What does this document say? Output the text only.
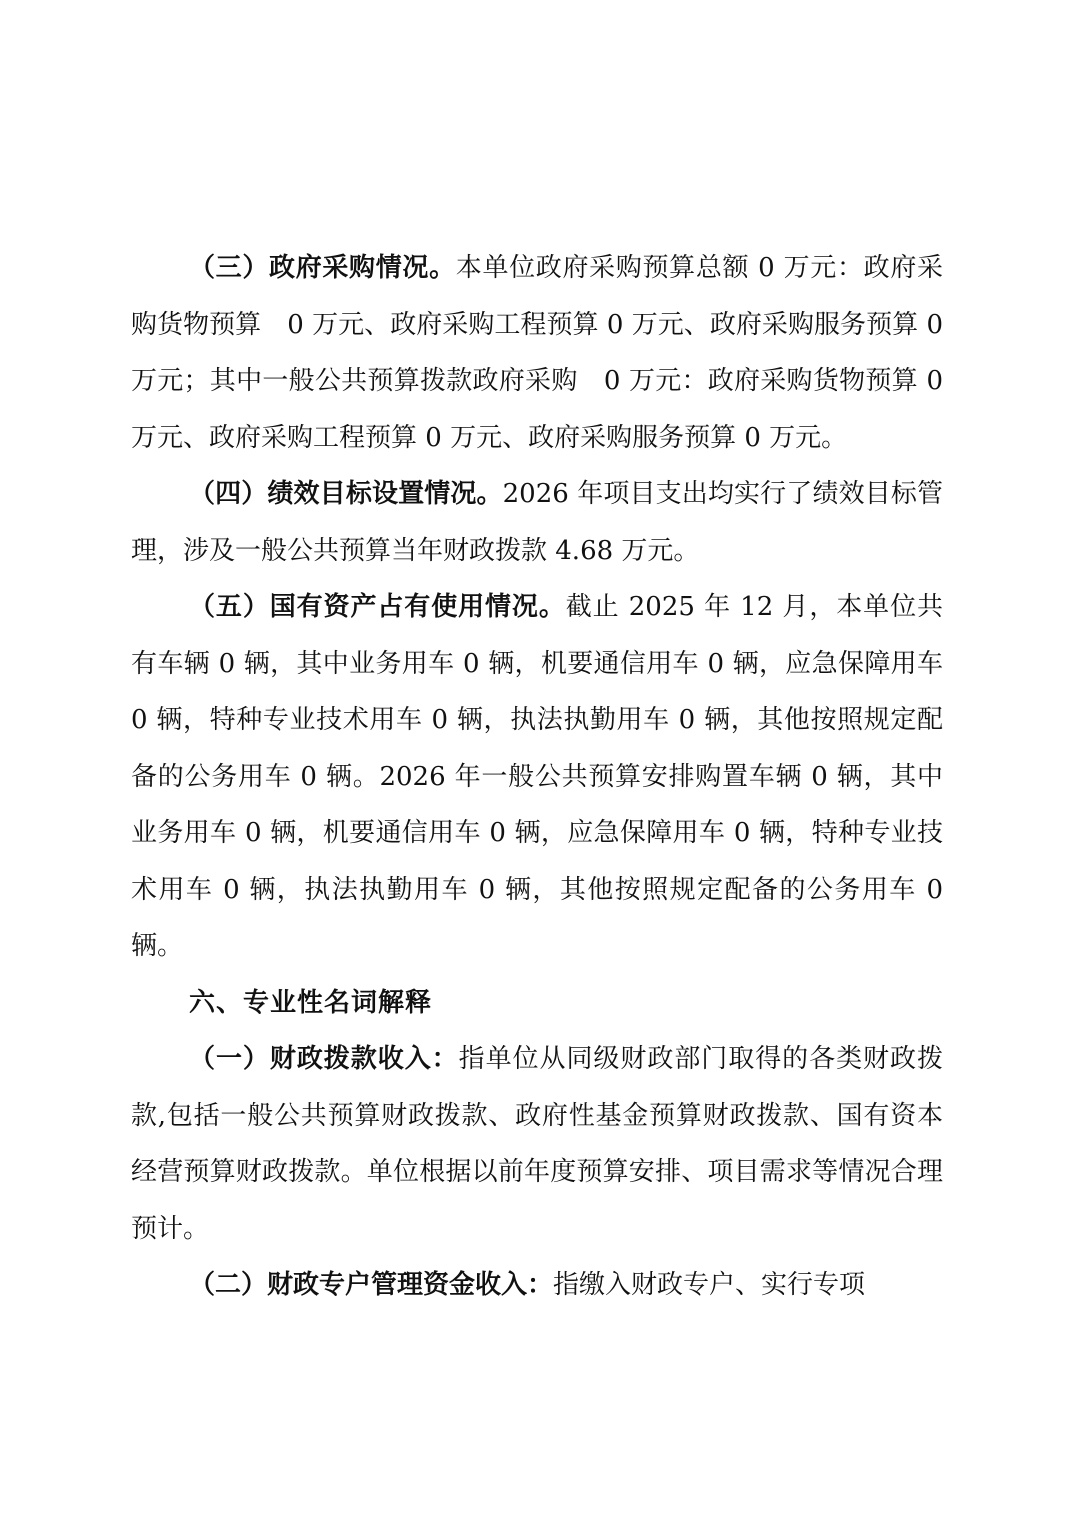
（三）政府采购情况。本单位政府采购预算总额 0 万元：政府采购货物预算　0 万元、政府采购工程预算 0 万元、政府采购服务预算 0 万元；其中一般公共预算拨款政府采购　0 万元：政府采购货物预算 0 万元、政府采购工程预算 0 万元、政府采购服务预算 0 万元。

（四）绩效目标设置情况。2026 年项目支出均实行了绩效目标管理，涉及一般公共预算当年财政拨款 4.68 万元。

（五）国有资产占有使用情况。截止 2025 年 12 月，本单位共有车辆 0 辆，其中业务用车 0 辆，机要通信用车 0 辆，应急保障用车 0 辆，特种专业技术用车 0 辆，执法执勤用车 0 辆，其他按照规定配备的公务用车 0 辆。2026 年一般公共预算安排购置车辆 0 辆，其中业务用车 0 辆，机要通信用车 0 辆，应急保障用车 0 辆，特种专业技术用车 0 辆，执法执勤用车 0 辆，其他按照规定配备的公务用车 0 辆。

六、专业性名词解释

（一）财政拨款收入：指单位从同级财政部门取得的各类财政拨款,包括一般公共预算财政拨款、政府性基金预算财政拨款、国有资本经营预算财政拨款。单位根据以前年度预算安排、项目需求等情况合理预计。

（二）财政专户管理资金收入：指缴入财政专户、实行专项
